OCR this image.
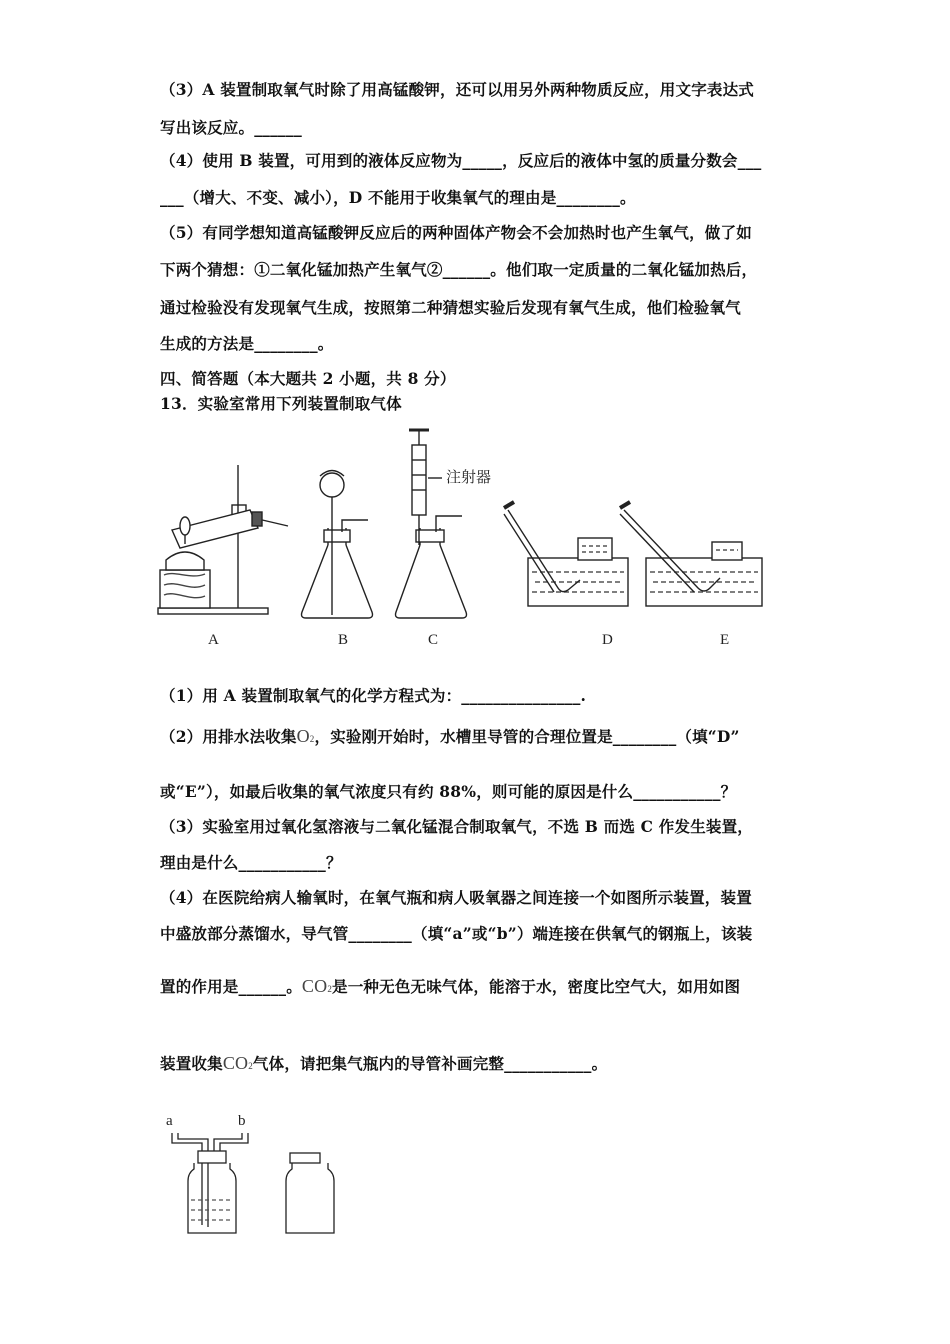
（3）A 装置制取氧气时除了用高锰酸钾，还可以用另外两种物质反应，用文字表达式
写出该反应。______
（4）使用 B 装置，可用到的液体反应物为_____，反应后的液体中氢的质量分数会___
___（增大、不变、减小），D 不能用于收集氧气的理由是________。
（5）有同学想知道高锰酸钾反应后的两种固体产物会不会加热时也产生氧气，做了如
下两个猜想：①二氧化锰加热产生氧气②______。他们取一定质量的二氧化锰加热后，
通过检验没有发现氧气生成，按照第二种猜想实验后发现有氧气生成，他们检验氧气
生成的方法是________。
四、简答题（本大题共 2 小题，共 8 分）
13．实验室常用下列装置制取气体
注射器
A	B	C	D	E
（1）用 A 装置制取氧气的化学方程式为：_______________.
（2）用排水法收集O2，实验刚开始时，水槽里导管的合理位置是________（填“D”
或“E”），如最后收集的氧气浓度只有约 88%，则可能的原因是什么___________？
（3）实验室用过氧化氢溶液与二氧化锰混合制取氧气，不选 B 而选 C 作发生装置，
理由是什么___________？
（4）在医院给病人输氧时，在氧气瓶和病人吸氧器之间连接一个如图所示装置，装置
中盛放部分蒸馏水，导气管________（填“a”或“b”）端连接在供氧气的钢瓶上，该装
置的作用是______。CO2是一种无色无味气体，能溶于水，密度比空气大，如用如图
装置收集CO2气体，请把集气瓶内的导管补画完整___________。
a	b
